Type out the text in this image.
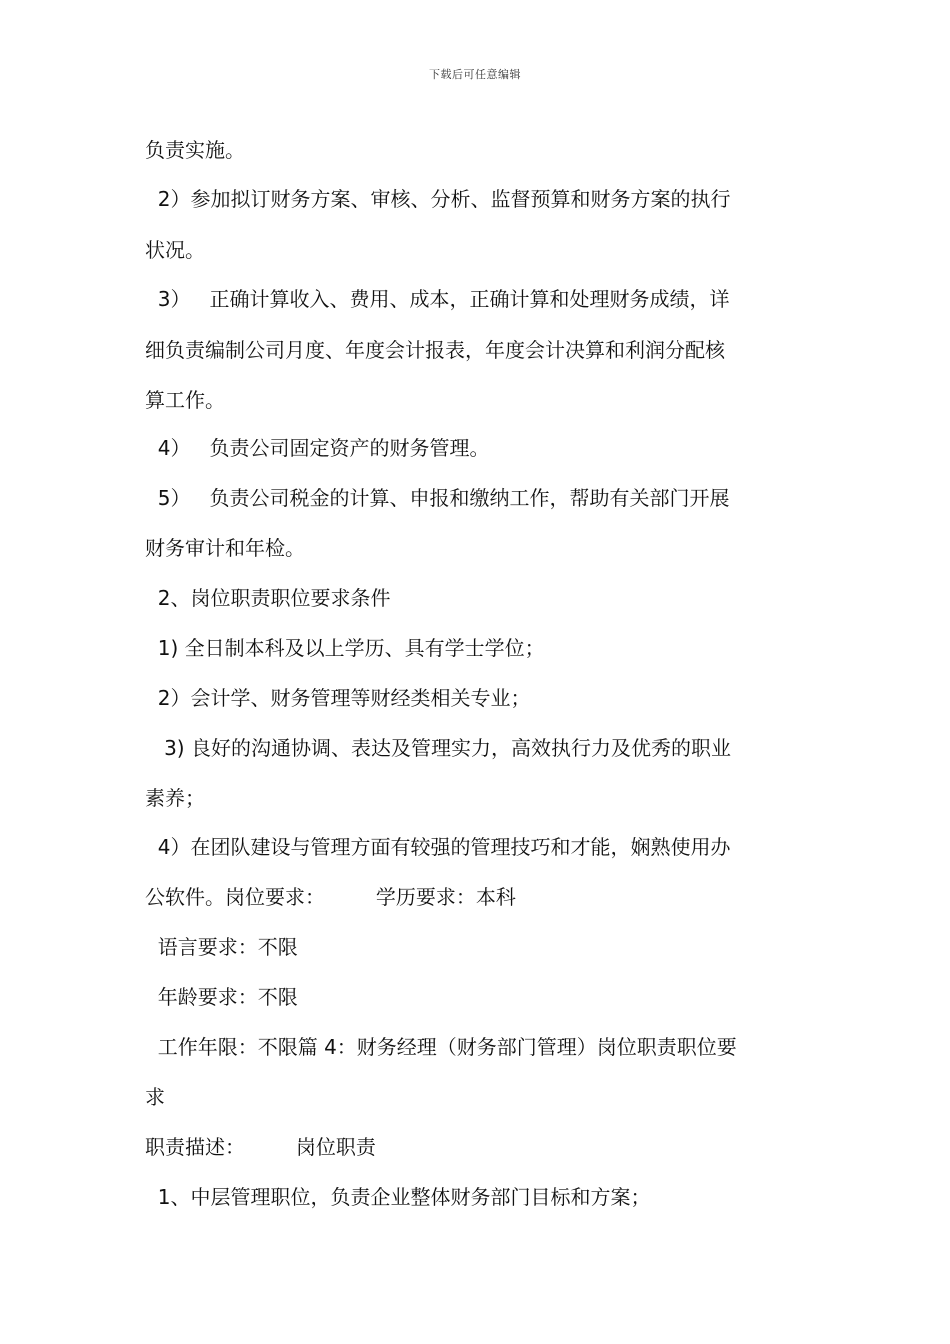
下载后可任意编辑
负责实施。
2）参加拟订财务方案、审核、分析、监督预算和财务方案的执行
状况。
3）   正确计算收入、费用、成本，正确计算和处理财务成绩，详
细负责编制公司月度、年度会计报表，年度会计决算和利润分配核
算工作。
4）   负责公司固定资产的财务管理。
5）   负责公司税金的计算、申报和缴纳工作，帮助有关部门开展
财务审计和年检。
2、岗位职责职位要求条件
1) 全日制本科及以上学历、具有学士学位；
2）会计学、财务管理等财经类相关专业；
3) 良好的沟通协调、表达及管理实力，高效执行力及优秀的职业
素养；
4）在团队建设与管理方面有较强的管理技巧和才能，娴熟使用办
公软件。岗位要求：        学历要求：本科
语言要求：不限
年龄要求：不限
工作年限：不限篇 4：财务经理（财务部门管理）岗位职责职位要
求
职责描述：        岗位职责
1、中层管理职位，负责企业整体财务部门目标和方案；
